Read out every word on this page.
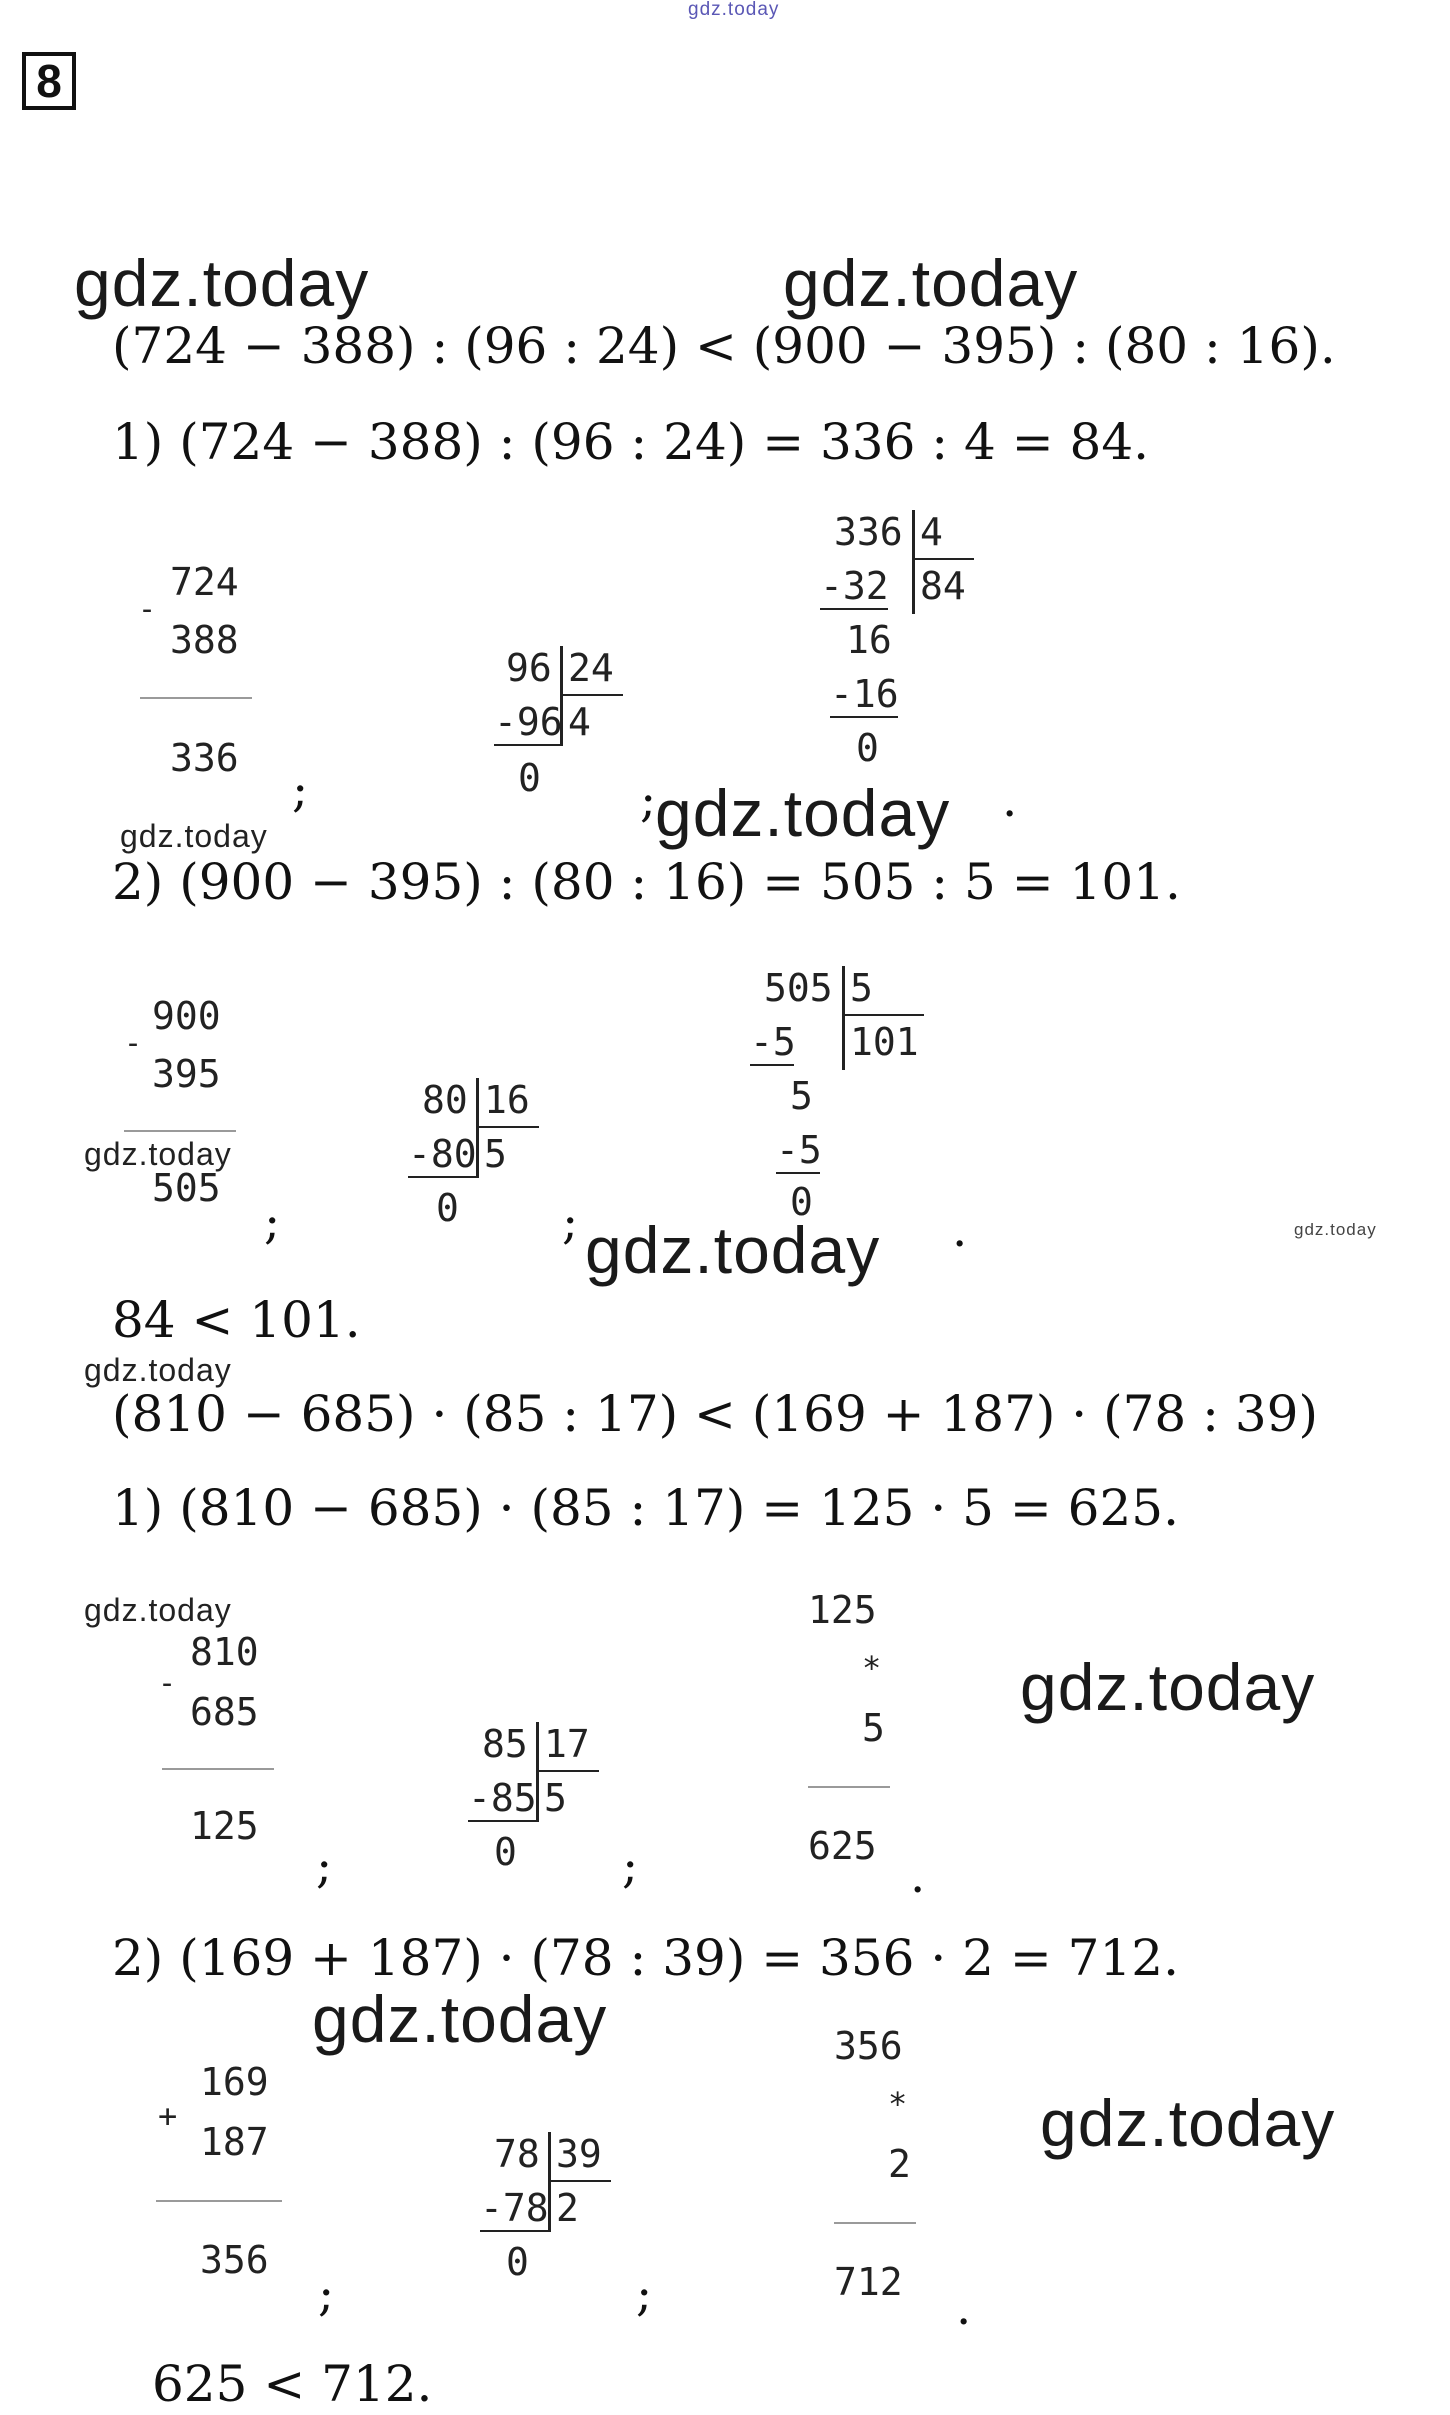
gdz.today
8
gdz.today	gdz.today
(724 − 388) : (96 : 24) < (900 − 395) : (80 : 16).
1) (724 − 388) : (96 : 24) = 336 : 4 = 84.
-
724
388
336
;
96 24
-96 4
0 ;
336 4
-32 84
16
-16
0
gdz.today .
gdz.today
2) (900 − 395) : (80 : 16) = 505 : 5 = 101.
-
900
395
505
gdz.today
;
80 16
-80 5
0 ;
505 5
-5 101
5
-5
0
gdz.today .	gdz.today
84 < 101.
gdz.today
(810 − 685) · (85 : 17) < (169 + 187) · (78 : 39)
1) (810 − 685) · (85 : 17) = 125 · 5 = 625.
gdz.today
-
810
685
125
;
85 17
-85 5
0 ;
125
*
5
625
.
gdz.today
2) (169 + 187) · (78 : 39) = 356 · 2 = 712.
gdz.today
+
169
187
356
;
78 39
-78 2
0
;
356
*
2
712 .
gdz.today
625 < 712.
